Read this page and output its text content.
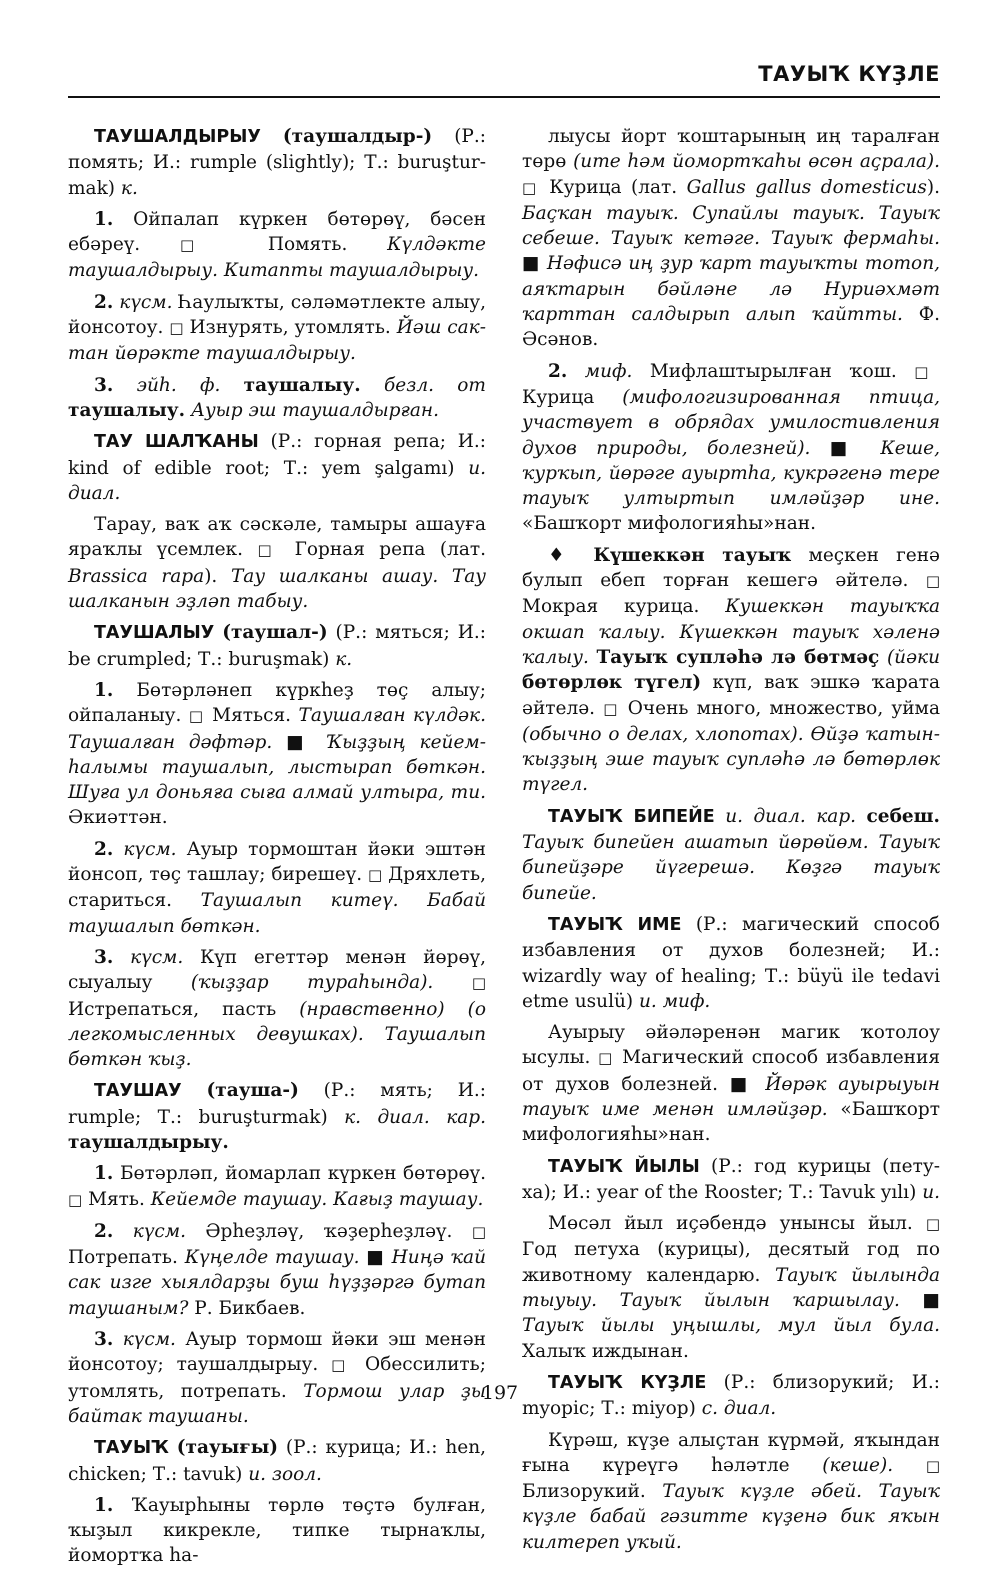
ТАУЫҠ КҮҘЛЕ

ТАУШАЛДЫРЫУ (таушалдыр-) (Р.: помять; И.: rumple (slightly); Т.: buruşturmak) к.

1. Ойпалап күркен бөтөрөү, бәсен ебәреү. □ Помять. Күлдәкте таушалдырыу. Китапты таушалдырыу.

2. күсм. Һаулыҡты, сәләмәтлекте алыу, йонсотоу. □ Изнурять, утомлять. Йәш сактан йөрәкте таушалдырыу.

3. эйһ. ф. таушалыу. безл. от таушалыу. Ауыр эш таушалдырған.

ТАУ ШАЛҠАНЫ (Р.: горная репа; И.: kind of edible root; Т.: yem şalgamı) и. диал.

Тарау, ваҡ аҡ сәскәле, тамыры ашауға яраҡлы үсемлек. □ Горная репа (лат. Brassica rapa). Тау шалканы ашау. Тау шалканын эҙләп табыу.

ТАУШАЛЫУ (таушал-) (Р.: мяться; И.: be crumpled; Т.: buruşmak) к.

1. Бөтәрләнеп күркһеҙ төҫ алыу; ойпаланыу. □ Мяться. Таушалған күлдәк. Таушалған дәфтәр. ■ Ҡыҙҙың кейем-һалымы таушалып, лыстырап бөткән. Шуға ул доньяға сыға алмай ултыра, ти. Әкиәттән.

2. күсм. Ауыр тормоштан йәки эштән йонсоп, төҫ ташлау; бирешеү. □ Дряхлеть, стариться. Таушалып китеү. Бабай таушалып бөткән.

3. күсм. Күп егеттәр менән йөрөү, сыуалыу (ҡыҙҙар тураһында).	□ Истрепаться, пасть (нравственно) (о легкомысленных девушках). Таушалып бөткән ҡыҙ.

ТАУШАУ (тауша-) (Р.: мять; И.: rumple; Т.: buruşturmak) к. диал. кар. таушалдырыу.

1. Бөтәрләп, йомарлап күркен бөтөрөү. □ Мять. Кейемде таушау. Кағыҙ таушау.

2. күсм. Әрһеҙләү, ҡәҙерһеҙләү. □ Потрепать. Күңелде таушау. ■ Ниңә ҡай сак изге хыялдарҙы буш һүҙҙәргә бутап таушаным? Р. Бикбаев.

3. күсм. Ауыр тормош йәки эш менән йонсотоу; таушалдырыу. □ Обессилить; утомлять, потрепать. Тормош улар ҙы байтак таушаны.

ТАУЫҠ (тауығы) (Р.: курица; И.: hen, chicken; Т.: tavuk) и. зоол.

1. Ҡауырһыны төрлө төҫтә булған, ҡыҙыл кикрекле, типке тырнаҡлы, йомортҡа һа-

лыусы йорт ҡоштарының иң таралған төрө (ите һәм йомортҡаһы өсөн аҫрала). □ Курица (лат. Gallus gallus domesticus). Баҫҡан тауыҡ. Супайлы тауыҡ. Тауыҡ себеше. Тауыҡ кетәге. Тауыҡ фермаһы. ■ Нәфисә иң ҙур ҡарт тауыҡты тотоп, аяҡтарын бәйләне лә Нуриәхмәт ҡарттан салдырып алып ҡайтты. Ф. Әсәнов.

2. миф. Мифлаштырылған ҡош. □ Курица (мифологизированная птица, участвует в обрядах умилостивления духов природы, болезней). ■ Кеше, ҡурҡып, йөрәге ауыртһа, кукрәгенә тере тауыҡ ултыртып имләйҙәр ине. «Башҡорт мифологияһы»нан.

♦ Күшеккән тауыҡ меҫкен генә булып ебеп торған кешегә әйтелә. □ Мокрая курица. Кушеккән тауыҡҡа окшап ҡалыу. Күшеккән тауыҡ хәленә ҡалыу. Тауыҡ супләһә лә бөтмәҫ (йәки бөтөрлөк түгел) күп, ваҡ эшкә ҡарата әйтелә. □ Очень много, множество, уйма (обычно о делах, хлопотах). Өйҙә ҡатын-ҡыҙҙың эше тауыҡ супләһә лә бөтөрлөк түгел.

ТАУЫҠ БИПЕЙЕ и. диал. кар. себеш. Тауыҡ бипейен ашатып йөрөйөм. Тауыҡ бипейҙәре йүгерешә. Көҙгә тауыҡ бипейе.

ТАУЫҠ ИМЕ (Р.: магический способ избавления от духов болезней; И.: wizardly way of healing; Т.: büyü ile tedavi etme usulü) и. миф.

Ауырыу әйәләренән магик ҡотолоу ысулы. □ Магический способ избавления от духов болезней. ■ Йөрәк ауырыуын тауыҡ име менән имләйҙәр. «Башҡорт мифологияһы»нан.

ТАУЫҠ ЙЫЛЫ (Р.: год курицы (петуха); И.: year of the Rooster; Т.: Tavuk yılı) и.

Мөсәл йыл иҫәбендә унынсы йыл. □ Год петуха (курицы), десятый год по животному календарю. Тауыҡ йылында тыуыу. Тауыҡ йылын ҡаршылау. ■ Тауыҡ йылы уңышлы, мул йыл була. Халыҡ иждынан.

ТАУЫҠ КҮҘЛЕ (Р.: близорукий; И.: myopic; Т.: miyop) с. диал.

Күрәш, күҙе алыҫтан күрмәй, яҡындан ғына күреүгә һәләтле (кеше). □ Близорукий. Тауыҡ күҙле әбей. Тауыҡ күҙле бабай гәзитте күҙенә бик яҡын килтереп уҡый.

197
